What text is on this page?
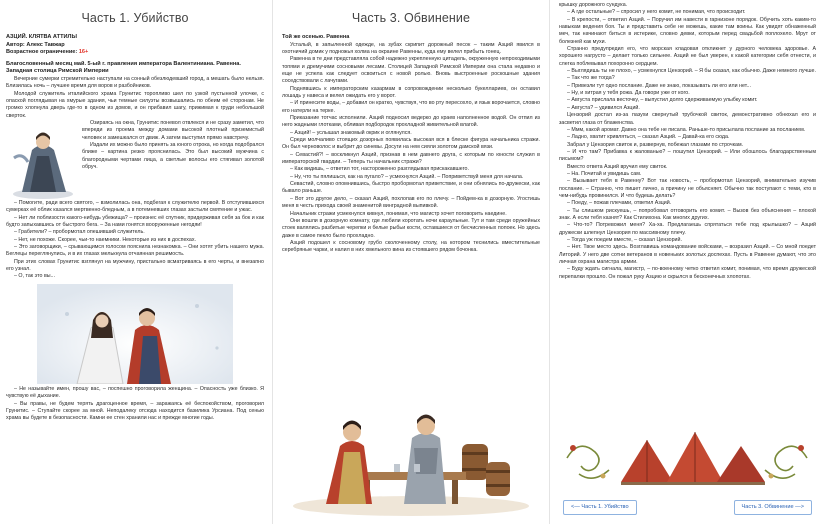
Часть 1. Убийство
АЗЦИЙ. КЛЯТВА АТТИЛЫ
Автор: Алекс Тавжар
Возрастное ограничение: 16+
Благословенный месяц май. 5-ый г. правления императора Валентиниана. Равенна. Западная столица Римской Империи

Вечерние сумерки стремительно наступали на сонный обезлюдевший город, а мешать было нельзя. Близилась ночь – лучшее время для воров и разбойников.

Молодой служитель италийского храма Грунитис торопливо шел по узкой пустынной улочке, с опаской поглядывая на хмурые здания, чьи темные силуэты возвышались по обеим её сторонам. Не громко хлопнула дверь где-то в одном из домов, и он прибавил шагу, прижимая к груди небольшой сверток.

Озираясь на окна, Грунитис поневол отвлекся и не сразу заметил, что впереди из проема между домами высокой плотный приземистый человек и замешкался от движ. А затем выступил прямо навстречу.

Издали их можно было принять за юного отрока, но когда подобрался ближе – картина резко прояснилась. Это был высокий мужчина с благородными чертами лица, а светлые волосы его стягивал золотой обруч.

– Помогите, ради всего святого, – взмолилась она, подбегая к служителю первой. В отступившихся сумерках её облик казался мертвенно-бледным, а в потемневших глазах застыли смятение и ужас.

– Нет ли поблизости какого-нибудь убежища? – произнес её спутник, придерживая себя за бок и как будто запыхавшись от быстрого бега. – За нами гонятся вооруженные негодяи!

– Грабители? – пробормотал опешивший служитель.

– Нет, не похоже. Скорее, чьи-то наемники. Некоторые из них в доспехах.

– Это заговорщики, – срывающимся голосом пояснила незнакомка. – Они хотят убить нашего мужа. Беглецы переглянулись, и в их глазах мелькнула отчаянная решимость.

При этих словах Грунитис взглянул на мужчину, пристально всматриваясь в его черты, и внезапно его узнал.

– О, так это вы...

– Не называйте имен, прошу вас, – поспешно проговорила женщина. – Опасность уже близко. Я чувствую её дыхание.

– Вы правы, не будем терять драгоценное время, – заражаясь её беспокойством, проговорил Грунитис. – Ступайте скорее за мной. Неподалеку отсюда находится базилика Урсиана. Под сенью храма вы будете в безопасности. Камни ее стен хранили нас и прежде многие годы.

Часть 3. Обвинение
Той же осенью. Равенна

Усталый, в запыленной одежде, на зубах скрипит дорожный песок – таким Азций явился в охотничий домик у подножья холма на окраине Равенны, куда ему велел прибыть гонец.

Равенна в те дни представляла собой надежно укрепленную цитадель, окруженную непроходимыми топями и дремучими сосновыми лесами. Столицей Западной Римской Империи она стала недавно и еще не успела как следует освоиться с новой ролью. Вновь выстроенные роскошные здания соседствовали с лачугами.

Поднявшись к императорским казармам в сопровождении несколько букеллариев, он оставил лошадь у навеса и велел ожидать его у ворот.

– И принесите воды, – добавил он кратко, чувствуя, что во рту пересохло, и язык ворочается, словно его натерли на терке.

Приказание тотчас исполнили. Азций подносил ведерко до краев наполненное водой. Он отпил из него жадными глотками, обливая подбородок прохладной живительной влагой.

– Азций! – услышал знакомый окрик и оглянулся.

Среди молчаливо стоящих дозорных появилась высокая вся в блеске фигура начальника стражи. Он был черноволос и выбрит до синевы. Досуги на нем сияли золотом дамской вязи.

– Севастий?! – воскликнул Азций, признав в нем давнего друга, с которым по юности служил в императорской гвардии. – Теперь ты начальник стражи?

– Как видишь, – ответил тот, настороженно разглядывая прискакавшего.

– Ну, что ты пялишься, как на пугало? – усмехнулся Азций. – Поприветствуй меня для начала.

Севастий, словно опомнившись, быстро пробормотал приветствие, и они обнялись по-дружески, как бывало раньше.

– Вот это другое дело, – сказал Азций, похлопав его по плечу. – Пойдем-ка в дозорную. Угостишь меня в честь прихода своей знаменитой винградной выпивкой.

Начальник стражи усмехнулся кивнул, понимая, что магистр хочет поговорить наедине.

Они вошли в дозорную комнату, где любили коротать ночи караульные. Тут и там среди оружейных стоек валялись разбитые черепки и белые рыбьи кости, оставшиеся от бесчисленных попоек. Но здесь даже в самое пекло было прохладно.

Азций подошел к сосновому грубо сколоченному столу, на котором теснились вместительные серебряные чарки, и налил в них хмельного вина из стоявшего рядом бочонка.

крышку дорожного сундука.

– А где остальные? – спросил у него комит, не понимая, что происходит.

– В крепости, – ответил Азций. – Поручил им навести в гарнизоне порядок. Обучить хоть каким-то навыкам ведения боя. Ты и представить себе не можешь, какие там воины. Как увидят обнаженный меч, так начинают биться в истерике, словно девки, которым перед свадьбой поплохело. Мрут от болезней как мухи.

Странно предупредил его, что морская кладовая откликнет у дурного человека здоровье. А хорошего нагрусто – делает только сильнее. Азций не был уверен, к какой категории себя отнести, и слегка поблевывал похоронно сердцем.

– Выглядишь ты не плохо, – усмехнулся Цензорий. – Я бы сказал, как обычно. Даже немного лучше.

– Так что же тогда?

– Привезли тут одно послание. Даже не знаю, показывать ли его или нет...

– Ну, и хитрая у тебя рожа. Да говори уже от кого.

– Августа прислала весточку, – выпустил долго сдерживаемую улыбку комит.

– Августа? – удивился Азций.

Цензорий достал из-за пазухи свернутый трубочкой свиток, демонстративно обнюхал его и засветил глаза от блаженства.

– Ммм, какой аромат. Давно она тебе не писала. Раньше-то присылала послание за посланием.

– Ладно, хватит кривляться, – сказал Азций. – Давай-ка его сюда.

Забрал у Цензория свиток и, развернув, побежал глазами по строчкам.

– И что там? Прибавка к жалованью? – пошутил Цензорий. – Или обошлось благодарственным письмом?

Вместо ответа Азций вручил ему свиток.

– На. Почитай и увидишь сам.

– Вызывает тебя в Равенну? Вот так новость, – пробормотал Цензорий, внимательно изучив послание. – Странно, что пишет лично, а причину не объясняет. Обычно так поступают с теми, кто в чем-нибудь провинился. И что будешь делать?

– Поеду, – пожав плечами, ответил Азций.

– Ты слишком рискуешь, – попробовал отговорить его комит. – Вызов без объяснения – плохой знак. А если тебя казнят? Как Стилихона. Как многих других.

– Что-то? Потревожил меня? Ха-ха. Предлагаешь спрятаться тебе под крылышко? – Азций дружески шлепнул Цензория по массивному плечу.

– Тогда уж поедем вместе, – сказал Цензорий.

– Нет. Твое место здесь. Возглавишь командование войсками, – возразил Азций. – Со мной поедет Литорий. У него две сотни ветеранов в новеньких золотых доспехах. Пусть в Равенне думают, что это личная охрана магистра армии.

– Буду ждать сигнала, магистр, – по-военному четко ответил комит, понимая, что время дружеской перепалки прошло. Он пожал руку Азцию и скрылся в бесконечных хлопотах.

<— Часть 1. Убийство	Часть 3. Обвинение —>
